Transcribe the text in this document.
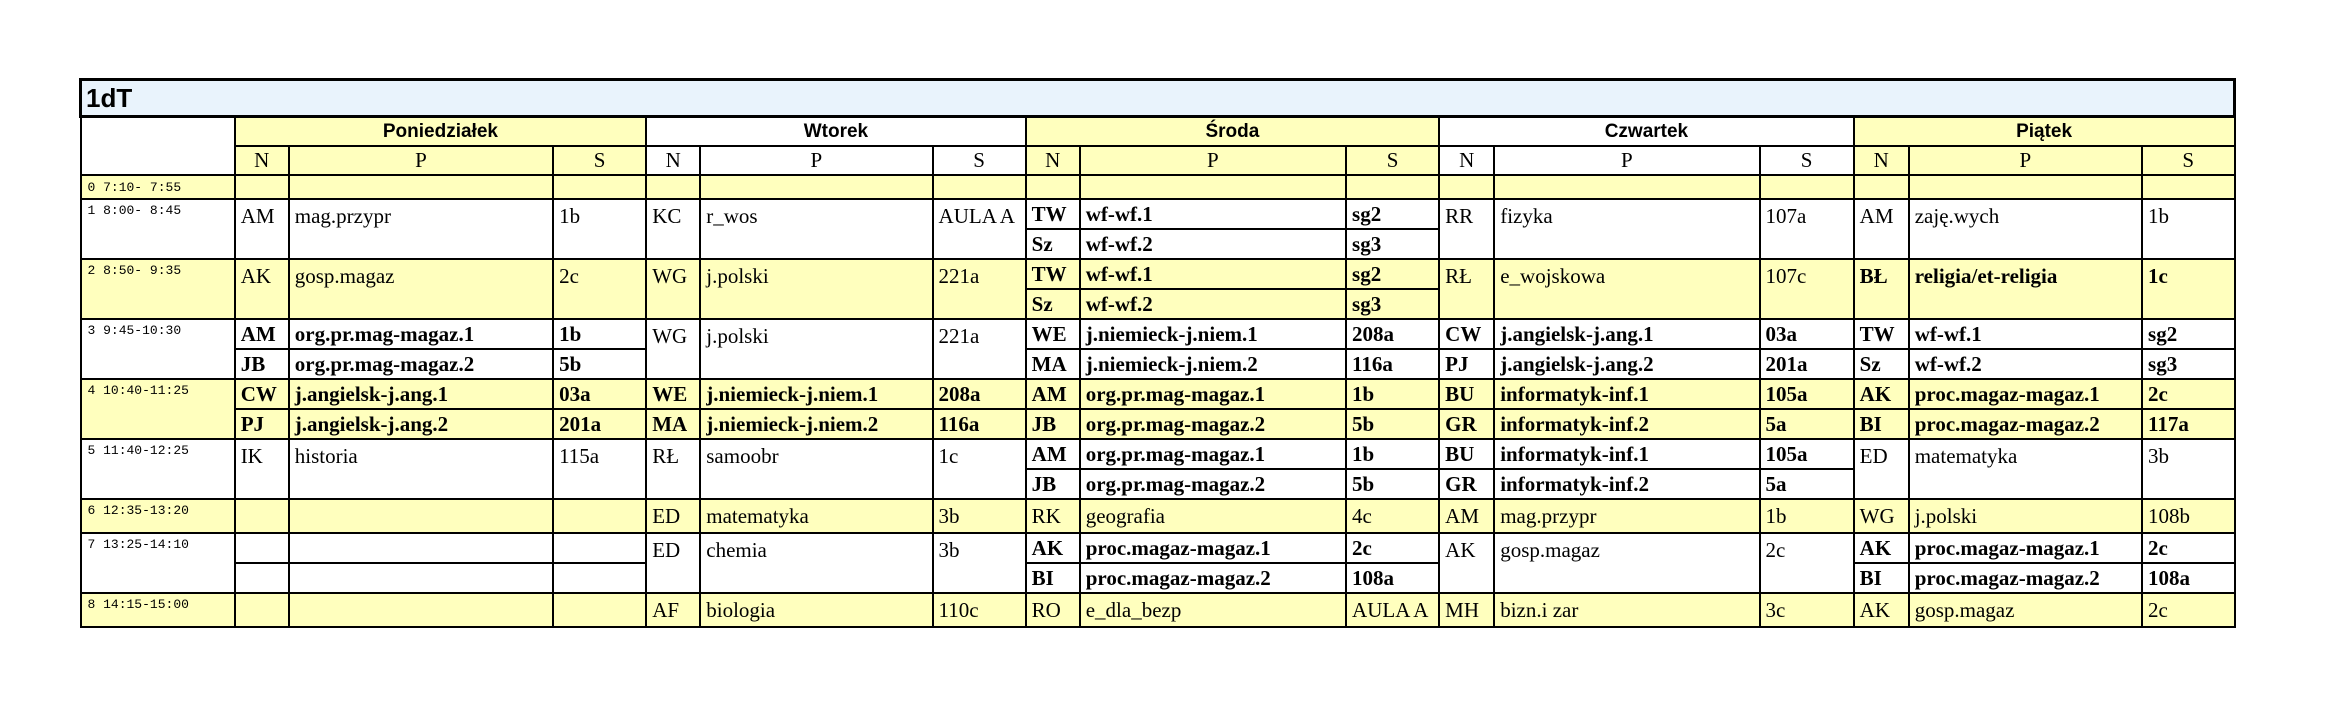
1dT															
	Poniedziałek			Wtorek			Środa			Czwartek			Piątek		
	N	P	S	N	P	S	N	P	S	N	P	S	N	P	S
0 7:10- 7:55															
1 8:00- 8:45	AM	mag.przypr	1b	KC	r_wos	AULA A	TW	wf-wf.1	sg2	RR	fizyka	107a	AM	zaję.wych	1b
							Sz	wf-wf.2	sg3						
2 8:50- 9:35	AK	gosp.magaz	2c	WG	j.polski	221a	TW	wf-wf.1	sg2	RŁ	e_wojskowa	107c	BŁ	religia/et-religia	1c
							Sz	wf-wf.2	sg3						
3 9:45-10:30	AM	org.pr.mag-magaz.1	1b	WG	j.polski	221a	WE	j.niemieck-j.niem.1	208a	CW	j.angielsk-j.ang.1	03a	TW	wf-wf.1	sg2
	JB	org.pr.mag-magaz.2	5b				MA	j.niemieck-j.niem.2	116a	PJ	j.angielsk-j.ang.2	201a	Sz	wf-wf.2	sg3
4 10:40-11:25	CW	j.angielsk-j.ang.1	03a	WE	j.niemieck-j.niem.1	208a	AM	org.pr.mag-magaz.1	1b	BU	informatyk-inf.1	105a	AK	proc.magaz-magaz.1	2c
	PJ	j.angielsk-j.ang.2	201a	MA	j.niemieck-j.niem.2	116a	JB	org.pr.mag-magaz.2	5b	GR	informatyk-inf.2	5a	BI	proc.magaz-magaz.2	117a
5 11:40-12:25	IK	historia	115a	RŁ	samoobr	1c	AM	org.pr.mag-magaz.1	1b	BU	informatyk-inf.1	105a	ED	matematyka	3b
							JB	org.pr.mag-magaz.2	5b	GR	informatyk-inf.2	5a			
6 12:35-13:20				ED	matematyka	3b	RK	geografia	4c	AM	mag.przypr	1b	WG	j.polski	108b
7 13:25-14:10				ED	chemia	3b	AK	proc.magaz-magaz.1	2c	AK	gosp.magaz	2c	AK	proc.magaz-magaz.1	2c
							BI	proc.magaz-magaz.2	108a				BI	proc.magaz-magaz.2	108a
8 14:15-15:00				AF	biologia	110c	RO	e_dla_bezp	AULA A	MH	bizn.i zar	3c	AK	gosp.magaz	2c
